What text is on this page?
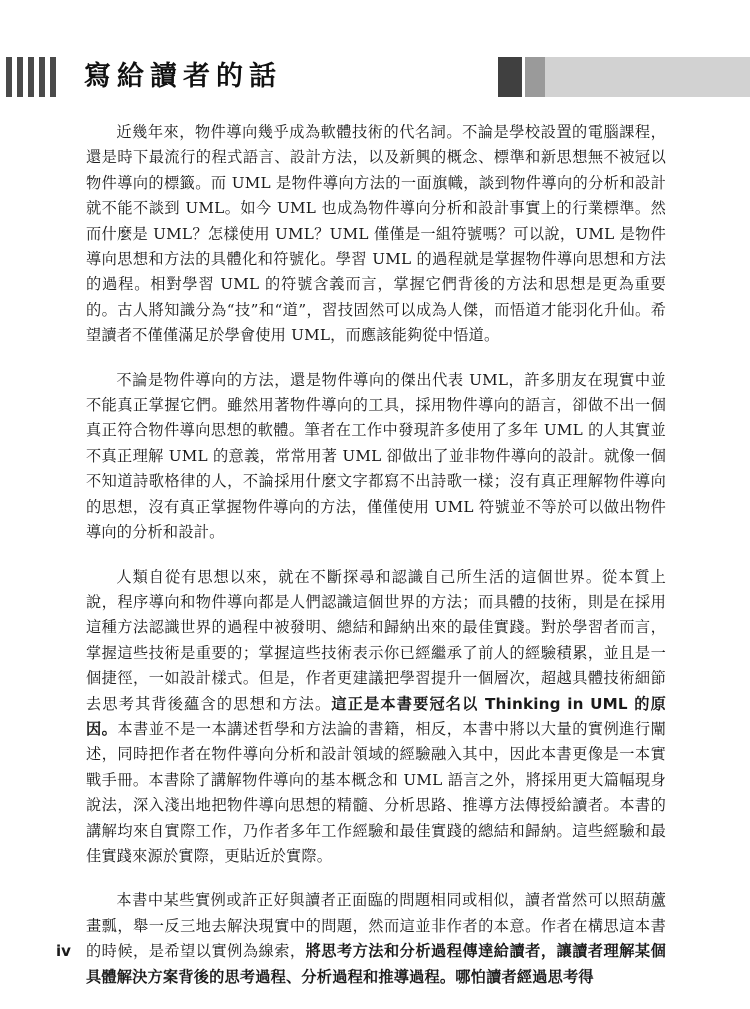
寫給讀者的話

近幾年來，物件導向幾乎成為軟體技術的代名詞。不論是學校設置的電腦課程，還是時下最流行的程式語言、設計方法，以及新興的概念、標準和新思想無不被冠以物件導向的標籤。而 UML 是物件導向方法的一面旗幟，談到物件導向的分析和設計就不能不談到 UML。如今 UML 也成為物件導向分析和設計事實上的行業標準。然而什麼是 UML？怎樣使用 UML？UML 僅僅是一組符號嗎？可以說，UML 是物件導向思想和方法的具體化和符號化。學習 UML 的過程就是掌握物件導向思想和方法的過程。相對學習 UML 的符號含義而言，掌握它們背後的方法和思想是更為重要的。古人將知識分為“技”和“道”，習技固然可以成為人傑，而悟道才能羽化升仙。希望讀者不僅僅滿足於學會使用 UML，而應該能夠從中悟道。

不論是物件導向的方法，還是物件導向的傑出代表 UML，許多朋友在現實中並不能真正掌握它們。雖然用著物件導向的工具，採用物件導向的語言，卻做不出一個真正符合物件導向思想的軟體。筆者在工作中發現許多使用了多年 UML 的人其實並不真正理解 UML 的意義，常常用著 UML 卻做出了並非物件導向的設計。就像一個不知道詩歌格律的人，不論採用什麼文字都寫不出詩歌一樣；沒有真正理解物件導向的思想，沒有真正掌握物件導向的方法，僅僅使用 UML 符號並不等於可以做出物件導向的分析和設計。

人類自從有思想以來，就在不斷探尋和認識自己所生活的這個世界。從本質上說，程序導向和物件導向都是人們認識這個世界的方法；而具體的技術，則是在採用這種方法認識世界的過程中被發明、總結和歸納出來的最佳實踐。對於學習者而言，掌握這些技術是重要的；掌握這些技術表示你已經繼承了前人的經驗積累，並且是一個捷徑，一如設計樣式。但是，作者更建議把學習提升一個層次，超越具體技術細節去思考其背後蘊含的思想和方法。這正是本書要冠名以 Thinking in UML 的原因。本書並不是一本講述哲學和方法論的書籍，相反，本書中將以大量的實例進行闡述，同時把作者在物件導向分析和設計領域的經驗融入其中，因此本書更像是一本實戰手冊。本書除了講解物件導向的基本概念和 UML 語言之外，將採用更大篇幅現身說法，深入淺出地把物件導向思想的精髓、分析思路、推導方法傳授給讀者。本書的講解均來自實際工作，乃作者多年工作經驗和最佳實踐的總結和歸納。這些經驗和最佳實踐來源於實際，更貼近於實際。

本書中某些實例或許正好與讀者正面臨的問題相同或相似，讀者當然可以照葫蘆畫瓢，舉一反三地去解決現實中的問題，然而這並非作者的本意。作者在構思這本書的時候，是希望以實例為線索，將思考方法和分析過程傳達給讀者，讓讀者理解某個具體解決方案背後的思考過程、分析過程和推導過程。哪怕讀者經過思考得

iv
